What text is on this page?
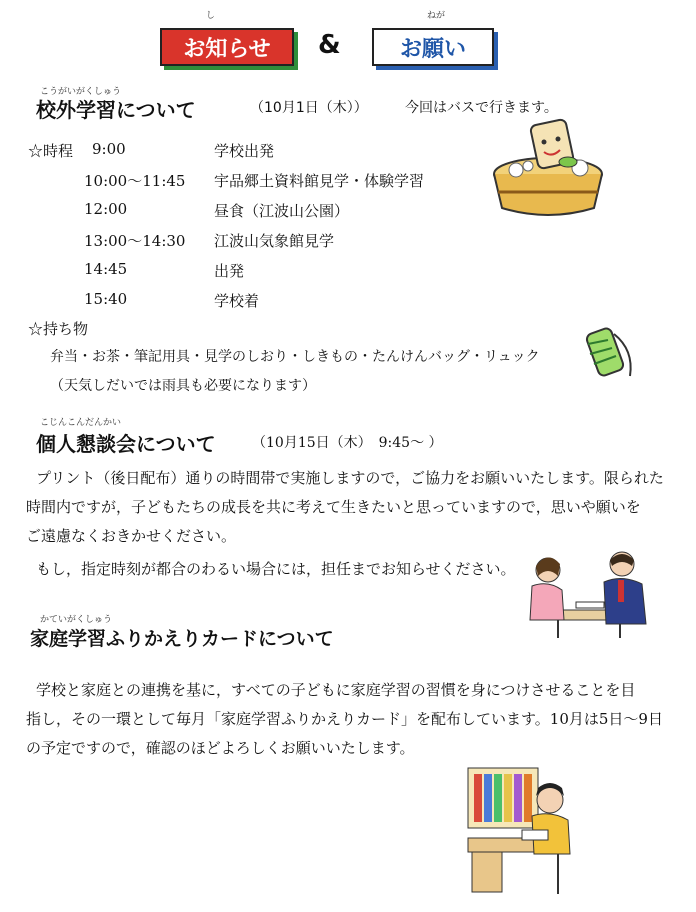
し
お知らせ &
ねが
お願い
こうがいがくしゅう
校外学習について	（10月1日（木））	今回はバスで行きます。
☆時程 9:00	学校出発
10:00～11:45 宇品郷土資料館見学・体験学習
12:00	昼食（江波山公園）
13:00～14:30 江波山気象館見学
14:45	出発
15:40	学校着
☆持ち物
弁当・お茶・筆記用具・見学のしおり・しきもの・たんけんバッグ・リュック
（天気しだいでは雨具も必要になります）
こじんこんだんかい
個人懇談会について	（10月15日（木）　9:45～ ）
プリント（後日配布）通りの時間帯で実施しますので，ご協力をお願いいたします。限られた
時間内ですが，子どもたちの成長を共に考えて生きたいと思っていますので，思いや願いを
ご遠慮なくおきかせください。
もし，指定時刻が都合のわるい場合には，担任までお知らせください。
かていがくしゅう
家庭学習ふりかえりカードについて
学校と家庭との連携を基に，すべての子どもに家庭学習の習慣を身につけさせることを目
指し，その一環として毎月「家庭学習ふりかえりカード」を配布しています。10月は5日～9日
の予定ですので，確認のほどよろしくお願いいたします。
